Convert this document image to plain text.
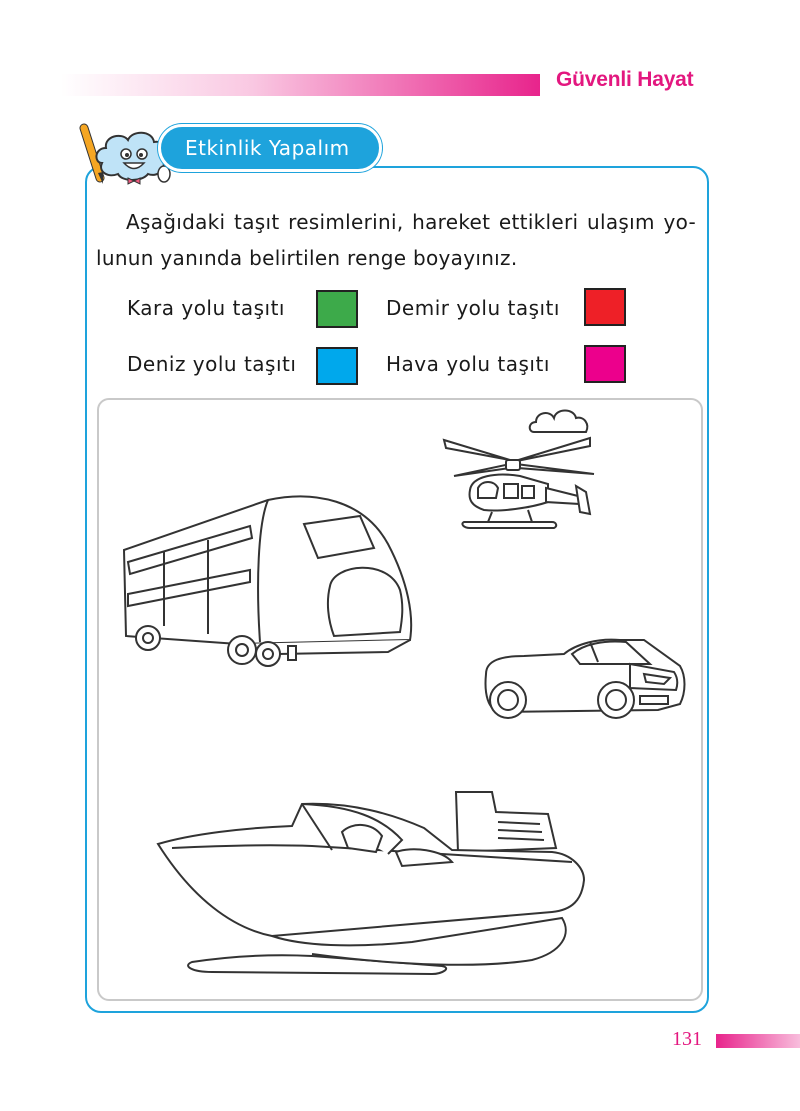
Güvenli Hayat
Etkinlik Yapalım
Aşağıdaki taşıt resimlerini, hareket ettikleri ulaşım yo-
lunun yanında belirtilen renge boyayınız.
Kara yolu taşıtı	Demir yolu taşıtı
Deniz yolu taşıtı	Hava yolu taşıtı
131
